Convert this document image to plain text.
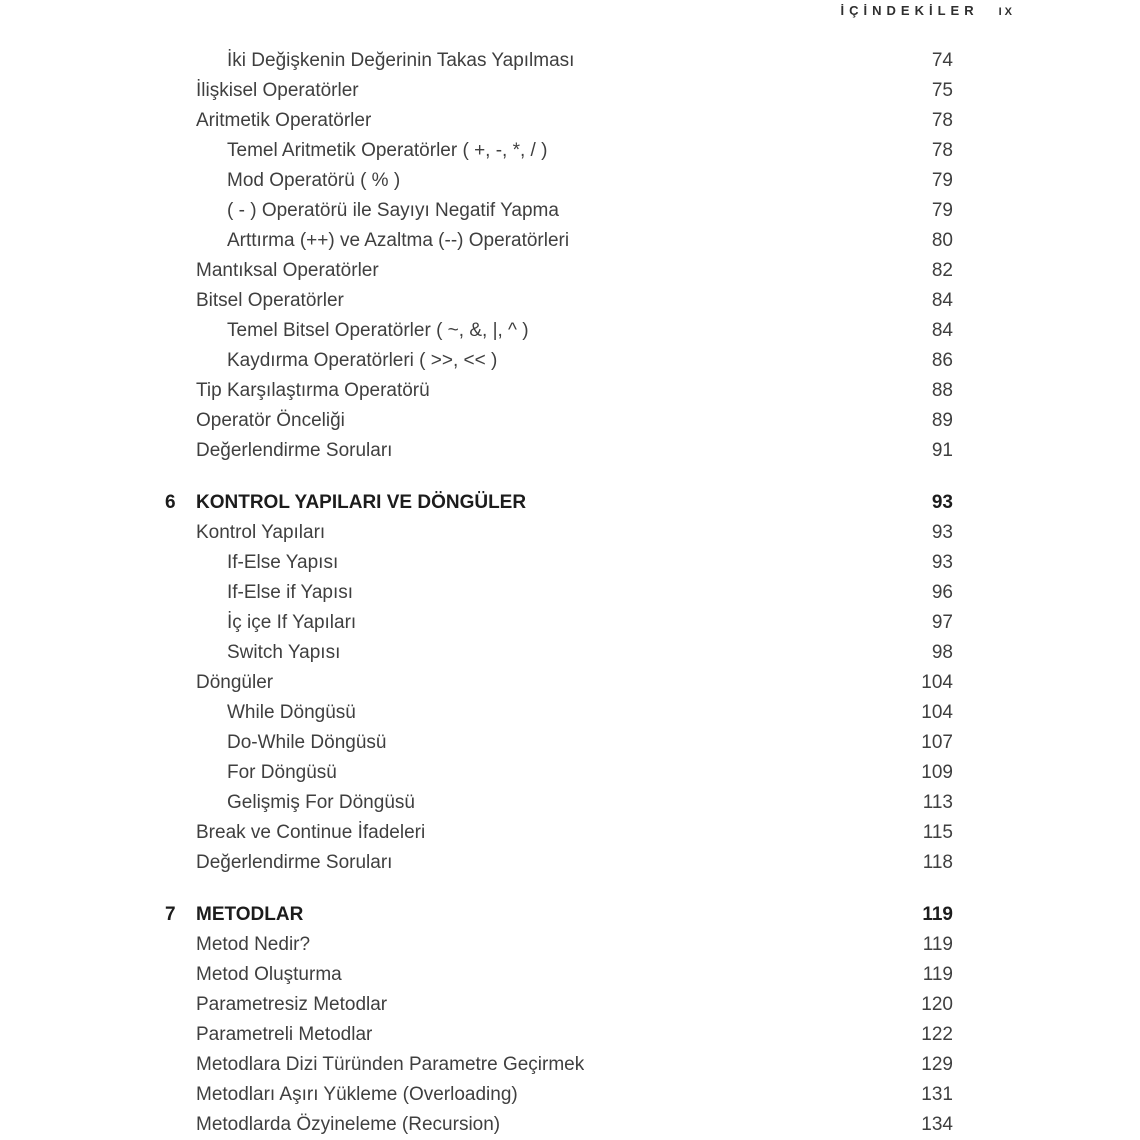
İÇİNDEKİLER IX
İki Değişkenin Değerinin Takas Yapılması	74
İlişkisel Operatörler	75
Aritmetik Operatörler	78
Temel Aritmetik Operatörler ( +, -, *, / )	78
Mod Operatörü ( % )	79
( - ) Operatörü ile Sayıyı Negatif Yapma	79
Arttırma (++) ve Azaltma (--) Operatörleri	80
Mantıksal Operatörler	82
Bitsel Operatörler	84
Temel Bitsel Operatörler ( ~, &, |, ^ )	84
Kaydırma Operatörleri ( >>, << )	86
Tip Karşılaştırma Operatörü	88
Operatör Önceliği	89
Değerlendirme Soruları	91
6	KONTROL YAPILARI VE DÖNGÜLER	93
Kontrol Yapıları	93
If-Else Yapısı	93
If-Else if Yapısı	96
İç içe If Yapıları	97
Switch Yapısı	98
Döngüler	104
While Döngüsü	104
Do-While Döngüsü	107
For Döngüsü	109
Gelişmiş For Döngüsü	113
Break ve Continue İfadeleri	115
Değerlendirme Soruları	118
7	METODLAR	119
Metod Nedir?	119
Metod Oluşturma	119
Parametresiz Metodlar	120
Parametreli Metodlar	122
Metodlara Dizi Türünden Parametre Geçirmek	129
Metodları Aşırı Yükleme (Overloading)	131
Metodlarda Özyineleme (Recursion)	134
